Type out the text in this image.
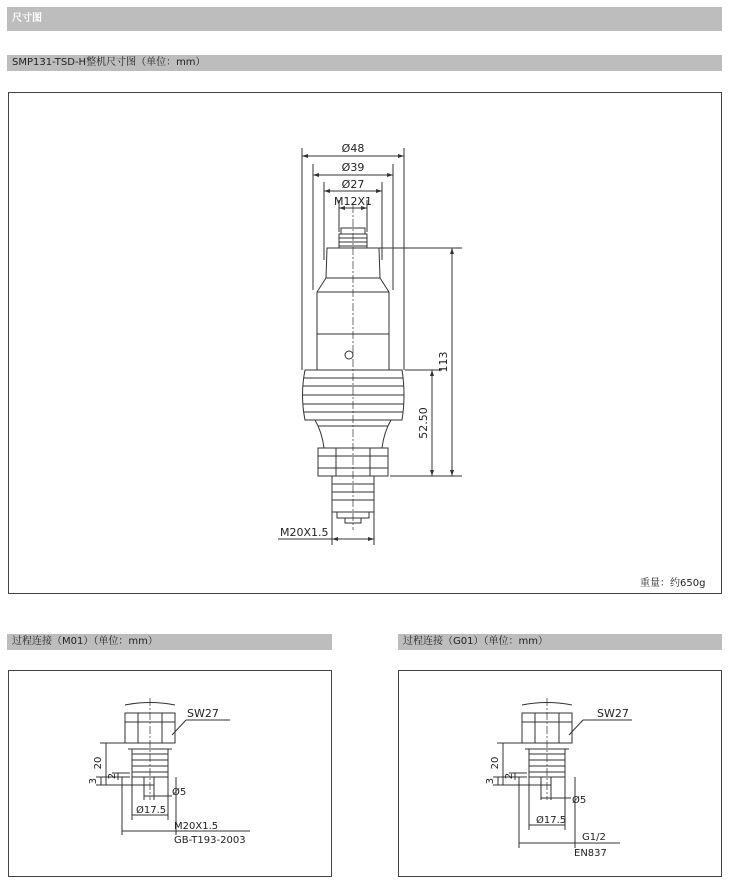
尺寸图
SMP131-TSD-H整机尺寸图（单位：mm）
Ø48
Ø39
Ø27
M12X1
113
52.50
M20X1.5
重量：约650g
过程连接（M01）（单位：mm）	过程连接（G01）（单位：mm）
SW27
20
2
3
Ø5
Ø17.5
M20X1.5
GB-T193-2003
SW27
20
2
3
Ø5
Ø17.5
G1/2
EN837
